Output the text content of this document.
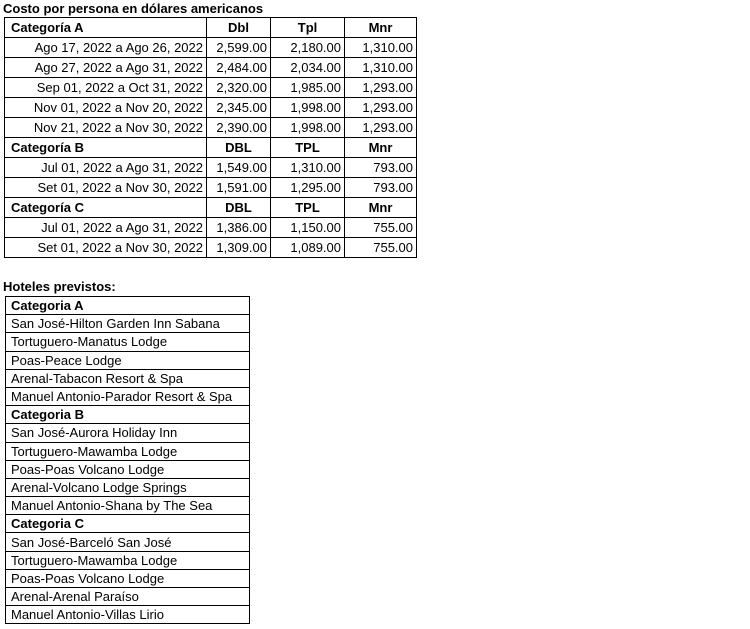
Costo por persona en dólares americanos
Categoría A	Dbl	Tpl	Mnr
Ago 17, 2022 a Ago 26, 2022	2,599.00	2,180.00	1,310.00
Ago 27, 2022 a Ago 31, 2022	2,484.00	2,034.00	1,310.00
Sep 01, 2022 a Oct 31, 2022	2,320.00	1,985.00	1,293.00
Nov 01, 2022 a Nov 20, 2022	2,345.00	1,998.00	1,293.00
Nov 21, 2022 a Nov 30, 2022	2,390.00	1,998.00	1,293.00
Categoría B	DBL	TPL	Mnr
Jul 01, 2022 a Ago 31, 2022	1,549.00	1,310.00	793.00
Set 01, 2022 a Nov 30, 2022	1,591.00	1,295.00	793.00
Categoría C	DBL	TPL	Mnr
Jul 01, 2022 a Ago 31, 2022	1,386.00	1,150.00	755.00
Set 01, 2022 a Nov 30, 2022	1,309.00	1,089.00	755.00
Hoteles previstos:
Categoria A
San José-Hilton Garden Inn Sabana
Tortuguero-Manatus Lodge
Poas-Peace Lodge
Arenal-Tabacon Resort & Spa
Manuel Antonio-Parador Resort & Spa
Categoria B
San José-Aurora Holiday Inn
Tortuguero-Mawamba Lodge
Poas-Poas Volcano Lodge
Arenal-Volcano Lodge Springs
Manuel Antonio-Shana by The Sea
Categoria C
San José-Barceló San José
Tortuguero-Mawamba Lodge
Poas-Poas Volcano Lodge
Arenal-Arenal Paraíso
Manuel Antonio-Villas Lirio
